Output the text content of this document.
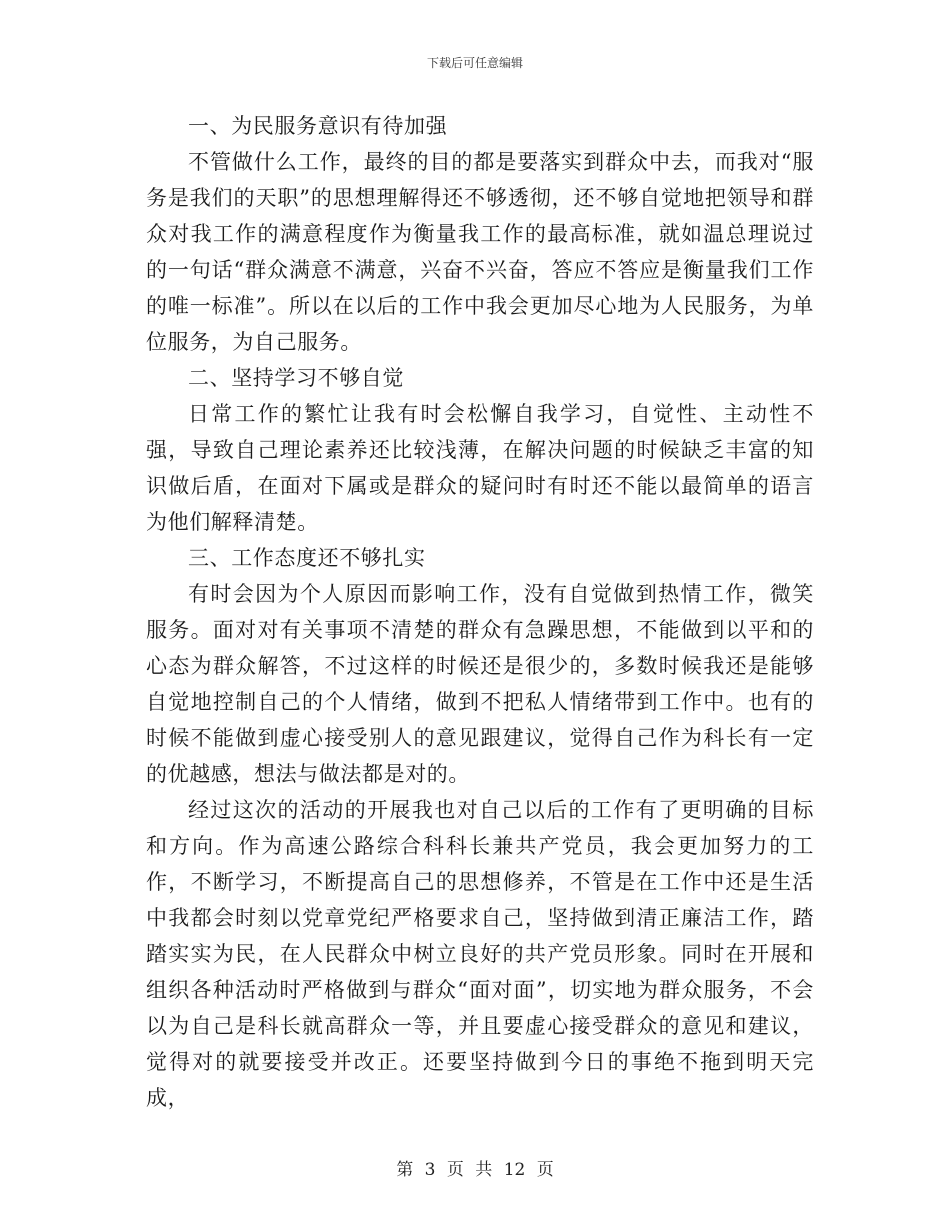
下载后可任意编辑

一、为民服务意识有待加强

不管做什么工作，最终的目的都是要落实到群众中去，而我对“服务是我们的天职”的思想理解得还不够透彻，还不够自觉地把领导和群众对我工作的满意程度作为衡量我工作的最高标准，就如温总理说过的一句话“群众满意不满意，兴奋不兴奋，答应不答应是衡量我们工作的唯一标准”。所以在以后的工作中我会更加尽心地为人民服务，为单位服务，为自己服务。

二、坚持学习不够自觉

日常工作的繁忙让我有时会松懈自我学习，自觉性、主动性不强，导致自己理论素养还比较浅薄，在解决问题的时候缺乏丰富的知识做后盾，在面对下属或是群众的疑问时有时还不能以最简单的语言为他们解释清楚。

三、工作态度还不够扎实

有时会因为个人原因而影响工作，没有自觉做到热情工作，微笑服务。面对对有关事项不清楚的群众有急躁思想，不能做到以平和的心态为群众解答，不过这样的时候还是很少的，多数时候我还是能够自觉地控制自己的个人情绪，做到不把私人情绪带到工作中。也有的时候不能做到虚心接受别人的意见跟建议，觉得自己作为科长有一定的优越感，想法与做法都是对的。

经过这次的活动的开展我也对自己以后的工作有了更明确的目标和方向。作为高速公路综合科科长兼共产党员，我会更加努力的工作，不断学习，不断提高自己的思想修养，不管是在工作中还是生活中我都会时刻以党章党纪严格要求自己，坚持做到清正廉洁工作，踏踏实实为民，在人民群众中树立良好的共产党员形象。同时在开展和组织各种活动时严格做到与群众“面对面”，切实地为群众服务，不会以为自己是科长就高群众一等，并且要虚心接受群众的意见和建议，觉得对的就要接受并改正。还要坚持做到今日的事绝不拖到明天完成，

第 3 页 共 12 页
